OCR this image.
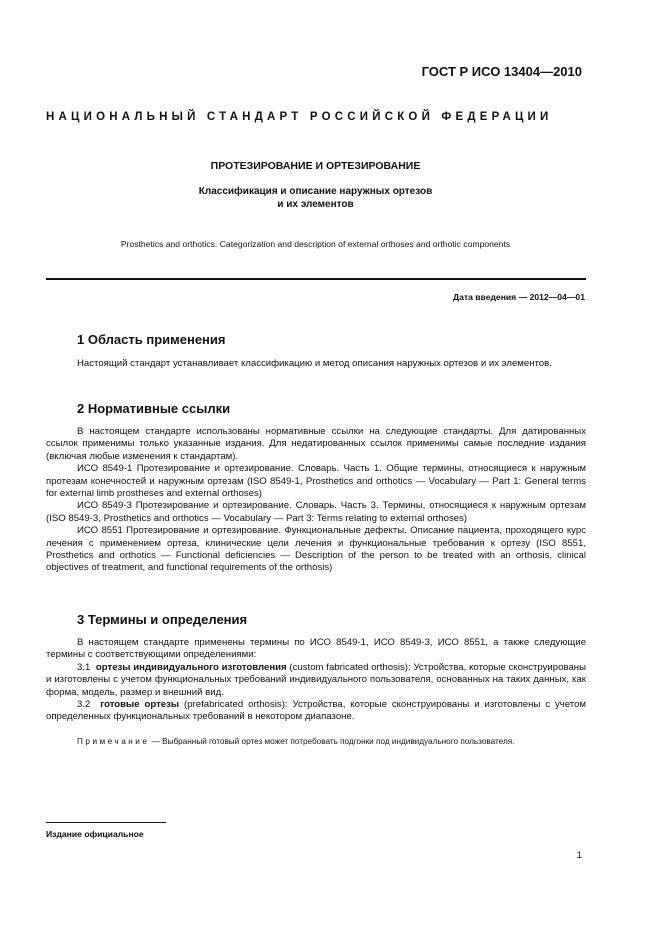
ГОСТ Р ИСО 13404—2010
НАЦИОНАЛЬНЫЙ СТАНДАРТ РОССИЙСКОЙ ФЕДЕРАЦИИ
ПРОТЕЗИРОВАНИЕ И ОРТЕЗИРОВАНИЕ
Классификация и описание наружных ортезов
и их элементов
Prosthetics and orthotics. Categorization and description of external orthoses and orthotic components
Дата введения — 2012—04—01
1 Область применения

Настоящий стандарт устанавливает классификацию и метод описания наружных ортезов и их элементов.

2 Нормативные ссылки

В настоящем стандарте использованы нормативные ссылки на следующие стандарты. Для датированных ссылок применимы только указанные издания. Для недатированных ссылок применимы самые последние издания (включая любые изменения к стандартам).

ИСО 8549-1 Протезирование и ортезирование. Словарь. Часть 1. Общие термины, относящиеся к наружным протезам конечностей и наружным ортезам (ISO 8549-1, Prosthetics and orthotics — Vocabulary — Part 1: General terms for external limb prostheses and external orthoses)

ИСО 8549-3 Протезирование и ортезирование. Словарь. Часть 3. Термины, относящиеся к наружным ортезам (ISO 8549-3, Prosthetics and orthotics — Vocabulary — Part 3: Terms relating to external orthoses)

ИСО 8551 Протезирование и ортезирование. Функциональные дефекты. Описание пациента, проходящего курс лечения с применением ортеза, клинические цели лечения и функциональные требования к ортезу (ISO 8551, Prosthetics and orthotics — Functional deficiencies — Description of the person to be treated with an orthosis, clinical objectives of treatment, and functional requirements of the orthosis)

3 Термины и определения

В настоящем стандарте применены термины по ИСО 8549-1, ИСО 8549-3, ИСО 8551, а также следующие термины с соответствующими определениями:

3.1 ортезы индивидуального изготовления (custom fabricated orthosis): Устройства, которые сконструированы и изготовлены с учетом функциональных требований индивидуального пользователя, основанных на таких данных, как форма, модель, размер и внешний вид.

3.2 готовые ортезы (prefabricated orthosis): Устройства, которые сконструированы и изготовлены с учетом определенных функциональных требований в некотором диапазоне.

Примечание — Выбранный готовый ортез может потребовать подгонки под индивидуального пользователя.

Издание официальное
1
